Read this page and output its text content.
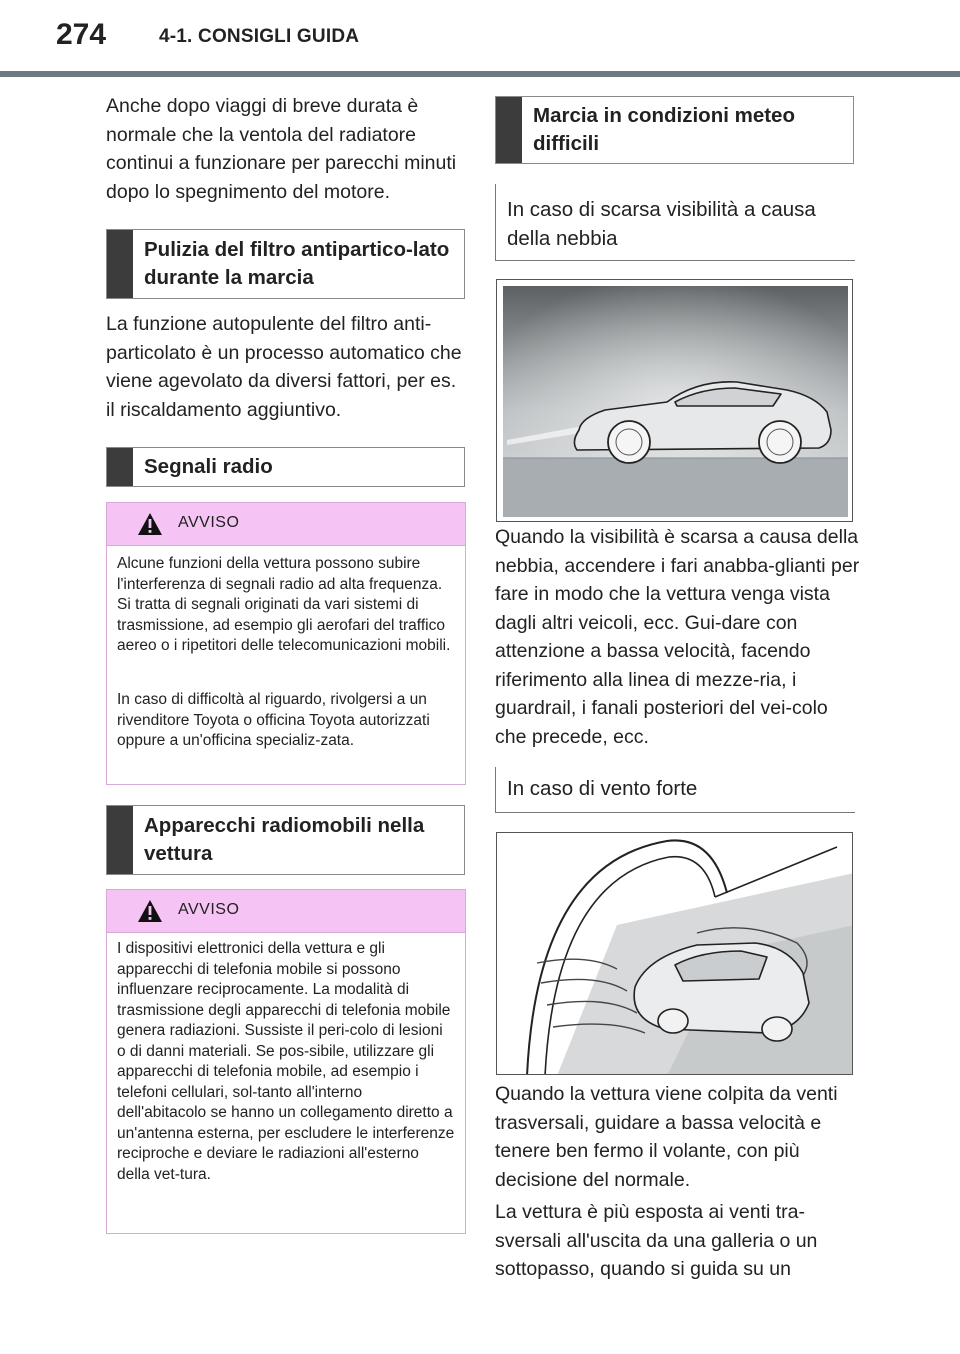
274	4-1. CONSIGLI GUIDA

Anche dopo viaggi di breve durata è normale che la ventola del radiatore continui a funzionare per parecchi minuti dopo lo spegnimento del motore.

Pulizia del filtro antipartico-lato durante la marcia

La funzione autopulente del filtro anti-particolato è un processo automatico che viene agevolato da diversi fattori, per es. il riscaldamento aggiuntivo.

Segnali radio
AVVISO

Alcune funzioni della vettura possono subire l'interferenza di segnali radio ad alta frequenza. Si tratta di segnali originati da vari sistemi di trasmissione, ad esempio gli aerofari del traffico aereo o i ripetitori delle telecomunicazioni mobili.

In caso di difficoltà al riguardo, rivolgersi a un rivenditore Toyota o officina Toyota autorizzati oppure a un'officina specializ-zata.

Apparecchi radiomobili nella vettura
AVVISO

I dispositivi elettronici della vettura e gli apparecchi di telefonia mobile si possono influenzare reciprocamente. La modalità di trasmissione degli apparecchi di telefonia mobile genera radiazioni. Sussiste il peri-colo di lesioni o di danni materiali. Se pos-sibile, utilizzare gli apparecchi di telefonia mobile, ad esempio i telefoni cellulari, sol-tanto all'interno dell'abitacolo se hanno un collegamento diretto a un'antenna esterna, per escludere le interferenze reciproche e deviare le radiazioni all'esterno della vet-tura.

Marcia in condizioni meteo difficili
In caso di scarsa visibilità a causa della nebbia

Quando la visibilità è scarsa a causa della nebbia, accendere i fari anabba-glianti per fare in modo che la vettura venga vista dagli altri veicoli, ecc. Gui-dare con attenzione a bassa velocità, facendo riferimento alla linea di mezze-ria, i guardrail, i fanali posteriori del vei-colo che precede, ecc.

In caso di vento forte

Quando la vettura viene colpita da venti trasversali, guidare a bassa velocità e tenere ben fermo il volante, con più decisione del normale.

La vettura è più esposta ai venti tra-sversali all'uscita da una galleria o un sottopasso, quando si guida su un
